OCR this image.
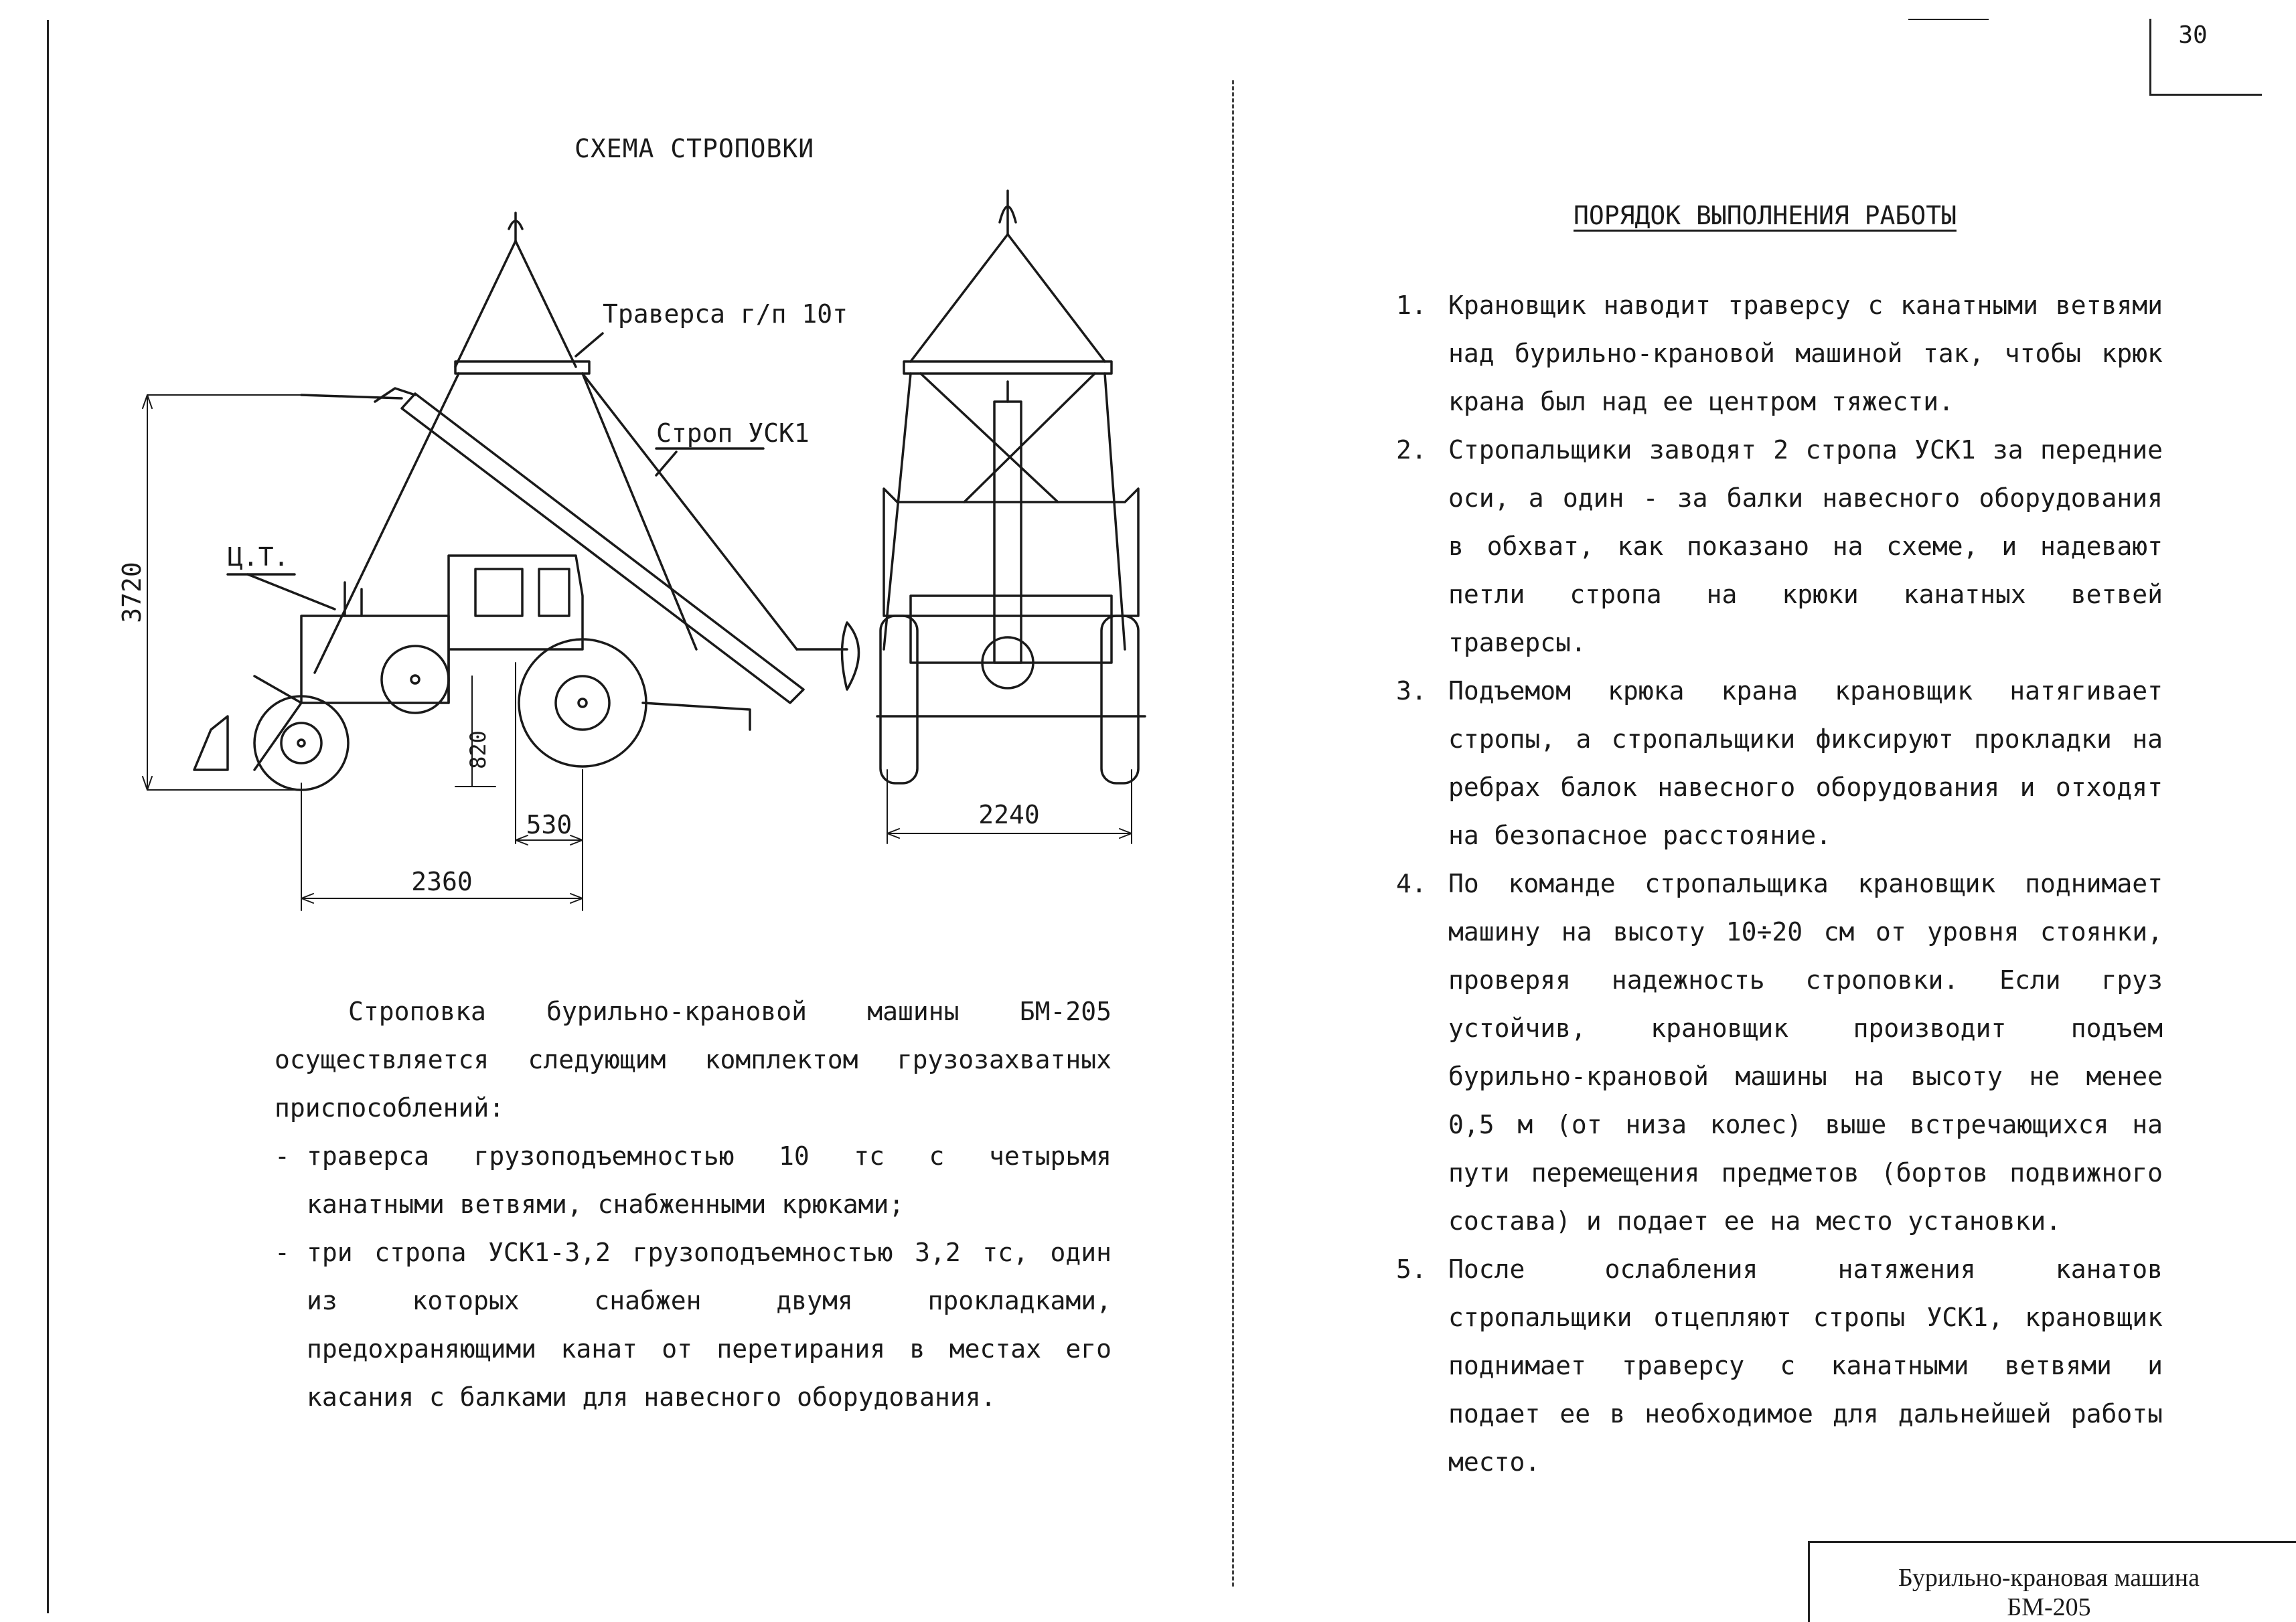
30
СХЕМА СТРОПОВКИ
Траверса г/п 10т
Строп УСК1
Ц.Т.
3720
820
530
2360
2240

Строповка бурильно-крановой машины БМ-205 осуществляется следующим комплектом грузозахватных приспособлений:

- траверса грузоподъемностью 10 тс с четырьмя канатными ветвями, снабженными крюками;
- три стропа УСК1-3,2 грузоподъемностью 3,2 тс, один из которых снабжен двумя прокладками, предохраняющими канат от перетирания в местах его касания с балками для навесного оборудования.
ПОРЯДОК ВЫПОЛНЕНИЯ РАБОТЫ
1. Крановщик наводит траверсу с канатными ветвями над бурильно-крановой машиной так, чтобы крюк крана был над ее центром тяжести.
2. Стропальщики заводят 2 стропа УСК1 за передние оси, а один - за балки навесного оборудования в обхват, как показано на схеме, и надевают петли стропа на крюки канатных ветвей траверсы.
3. Подъемом крюка крана крановщик натягивает стропы, а стропальщики фиксируют прокладки на ребрах балок навесного оборудования и отходят на безопасное расстояние.
4. По команде стропальщика крановщик поднимает машину на высоту 10÷20 см от уровня стоянки, проверяя надежность строповки. Если груз устойчив, крановщик производит подъем бурильно-крановой машины на высоту не менее 0,5 м (от низа колес) выше встречающихся на пути перемещения предметов (бортов подвижного состава) и подает ее на место установки.
5. После ослабления натяжения канатов стропальщики отцепляют стропы УСК1, крановщик поднимает траверсу с канатными ветвями и подает ее в необходимое для дальнейшей работы место.
Бурильно-крановая машина
БМ-205
